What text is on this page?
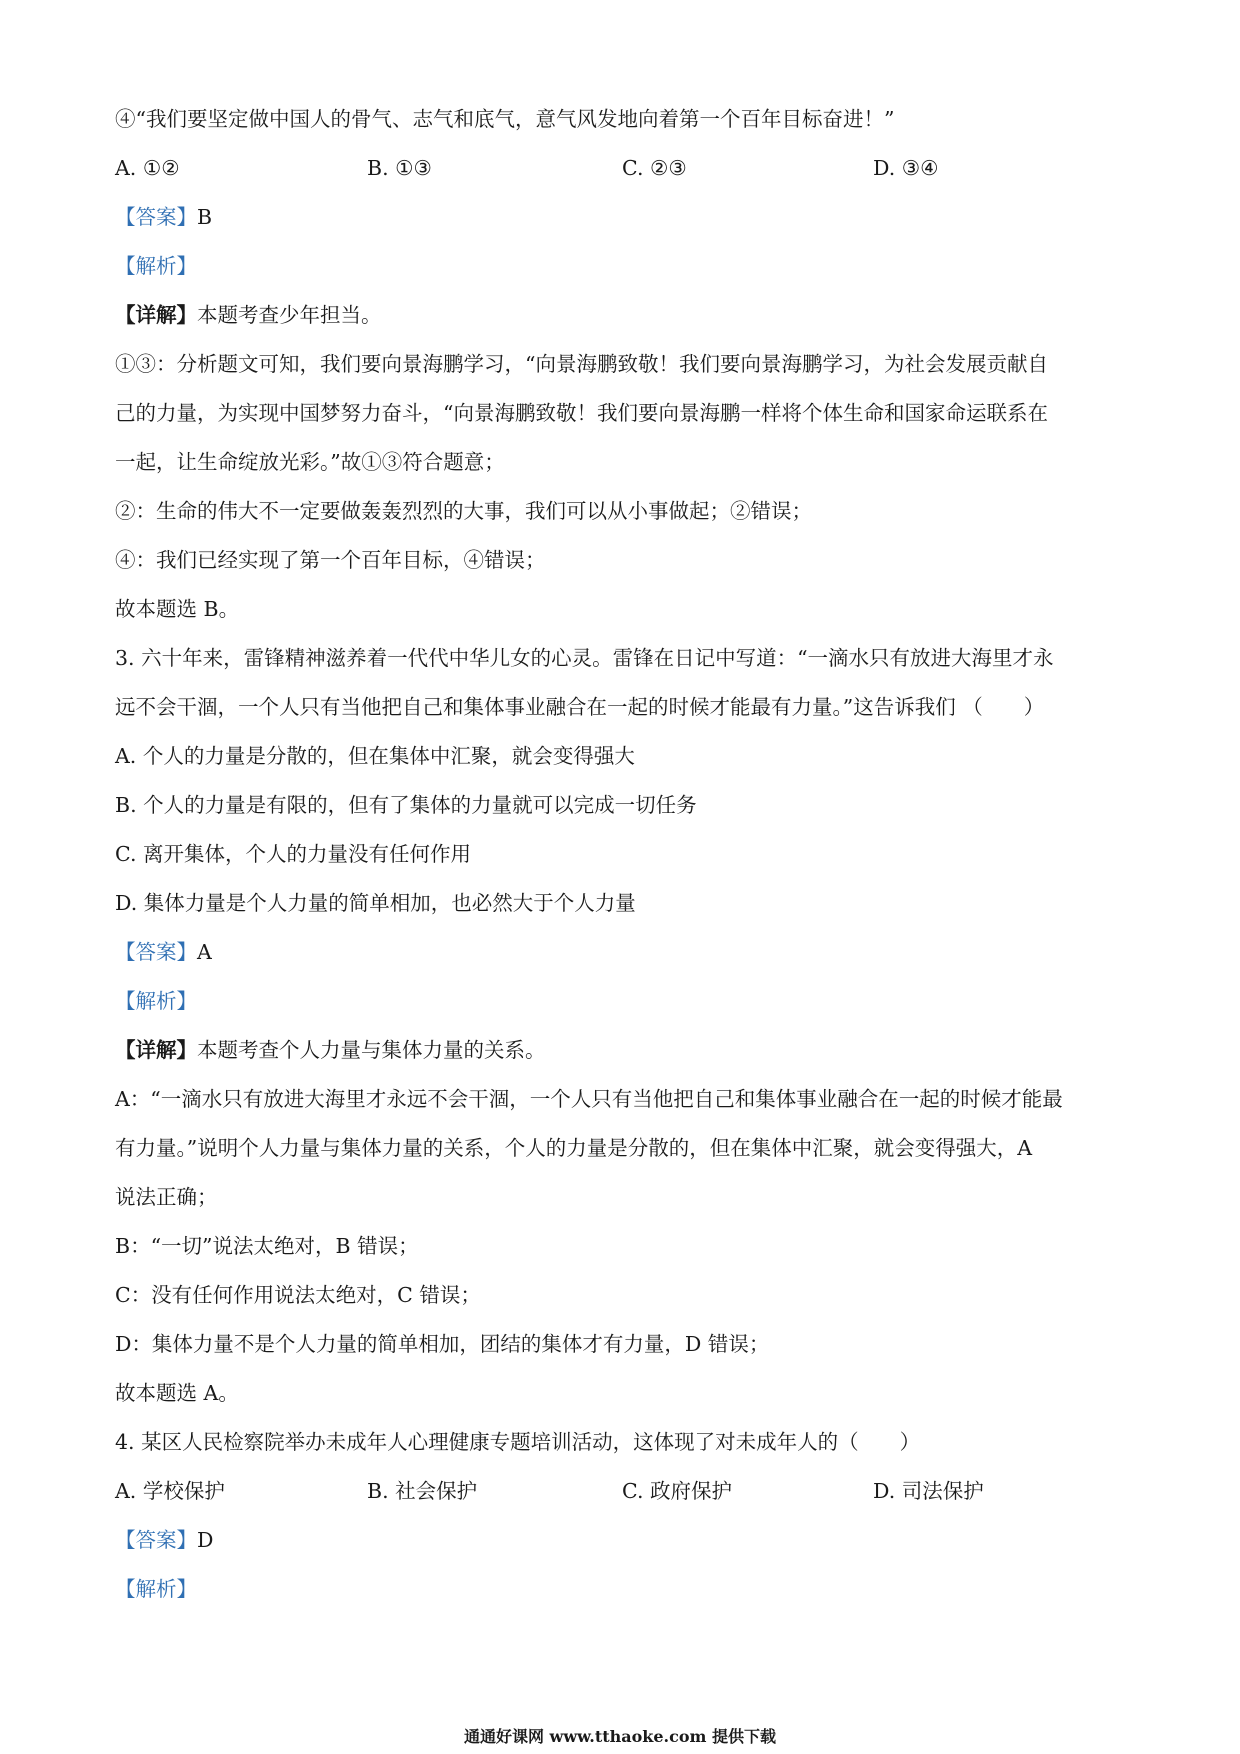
④“我们要坚定做中国人的骨气、志气和底气，意气风发地向着第一个百年目标奋进！”
A. ①②	B. ①③	C. ②③	D. ③④
【答案】B
【解析】
【详解】本题考查少年担当。
①③：分析题文可知，我们要向景海鹏学习，“向景海鹏致敬！我们要向景海鹏学习，为社会发展贡献自
己的力量，为实现中国梦努力奋斗，“向景海鹏致敬！我们要向景海鹏一样将个体生命和国家命运联系在
一起，让生命绽放光彩。”故①③符合题意；
②：生命的伟大不一定要做轰轰烈烈的大事，我们可以从小事做起；②错误；
④：我们已经实现了第一个百年目标，④错误；
故本题选 B。
3. 六十年来，雷锋精神滋养着一代代中华儿女的心灵。雷锋在日记中写道：“一滴水只有放进大海里才永
远不会干涸，一个人只有当他把自己和集体事业融合在一起的时候才能最有力量。”这告诉我们 （　　）
A. 个人的力量是分散的，但在集体中汇聚，就会变得强大
B. 个人的力量是有限的，但有了集体的力量就可以完成一切任务
C. 离开集体，个人的力量没有任何作用
D. 集体力量是个人力量的简单相加，也必然大于个人力量
【答案】A
【解析】
【详解】本题考查个人力量与集体力量的关系。
A：“一滴水只有放进大海里才永远不会干涸，一个人只有当他把自己和集体事业融合在一起的时候才能最
有力量。”说明个人力量与集体力量的关系，个人的力量是分散的，但在集体中汇聚，就会变得强大，A
说法正确；
B：“一切”说法太绝对，B 错误；
C：没有任何作用说法太绝对，C 错误；
D：集体力量不是个人力量的简单相加，团结的集体才有力量，D 错误；
故本题选 A。
4. 某区人民检察院举办未成年人心理健康专题培训活动，这体现了对未成年人的（　　）
A. 学校保护	B. 社会保护	C. 政府保护	D. 司法保护
【答案】D
【解析】
通通好课网 www.tthaoke.com 提供下载
